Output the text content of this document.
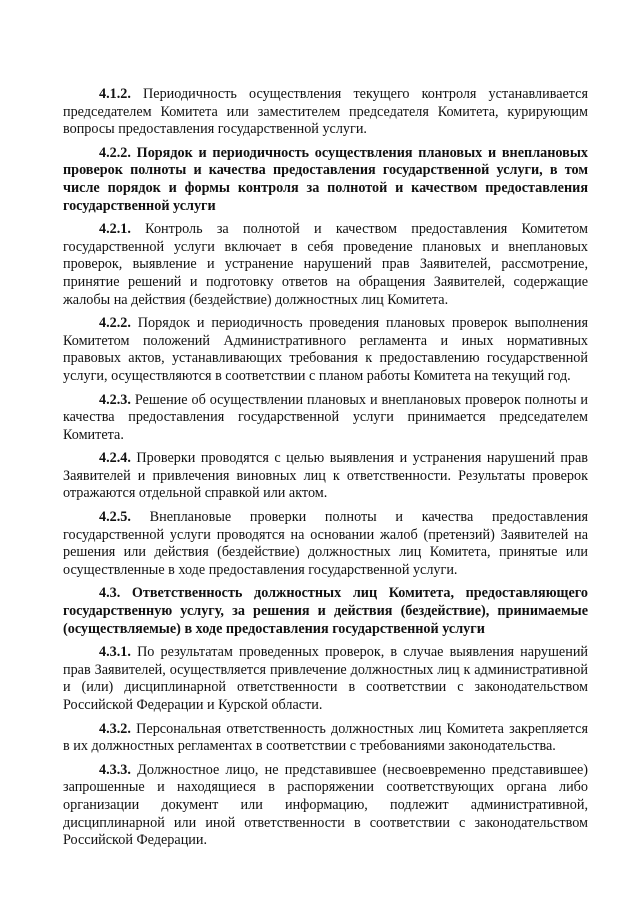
4.1.2. Периодичность осуществления текущего контроля устанавливается председателем Комитета или заместителем председателя Комитета, курирующим вопросы предоставления государственной услуги.

4.2.2. Порядок и периодичность осуществления плановых и внеплановых проверок полноты и качества предоставления государственной услуги, в том числе порядок и формы контроля за полнотой и качеством предоставления государственной услуги

4.2.1. Контроль за полнотой и качеством предоставления Комитетом государственной услуги включает в себя проведение плановых и внеплановых проверок, выявление и устранение нарушений прав Заявителей, рассмотрение, принятие решений и подготовку ответов на обращения Заявителей, содержащие жалобы на действия (бездействие) должностных лиц Комитета.

4.2.2. Порядок и периодичность проведения плановых проверок выполнения Комитетом положений Административного регламента и иных нормативных правовых актов, устанавливающих требования к предоставлению государственной услуги, осуществляются в соответствии с планом работы Комитета на текущий год.

4.2.3. Решение об осуществлении плановых и внеплановых проверок полноты и качества предоставления государственной услуги принимается председателем Комитета.

4.2.4. Проверки проводятся с целью выявления и устранения нарушений прав Заявителей и привлечения виновных лиц к ответственности. Результаты проверок отражаются отдельной справкой или актом.

4.2.5. Внеплановые проверки полноты и качества предоставления государственной услуги проводятся на основании жалоб (претензий) Заявителей на решения или действия (бездействие) должностных лиц Комитета, принятые или осуществленные в ходе предоставления государственной услуги.

4.3. Ответственность должностных лиц Комитета, предоставляющего государственную услугу, за решения и действия (бездействие), принимаемые (осуществляемые) в ходе предоставления государственной услуги

4.3.1. По результатам проведенных проверок, в случае выявления нарушений прав Заявителей, осуществляется привлечение должностных лиц к административной и (или) дисциплинарной ответственности в соответствии с законодательством Российской Федерации и Курской области.

4.3.2. Персональная ответственность должностных лиц Комитета закрепляется в их должностных регламентах в соответствии с требованиями законодательства.

4.3.3. Должностное лицо, не представившее (несвоевременно представившее) запрошенные и находящиеся в распоряжении соответствующих органа либо организации документ или информацию, подлежит административной, дисциплинарной или иной ответственности в соответствии с законодательством Российской Федерации.
